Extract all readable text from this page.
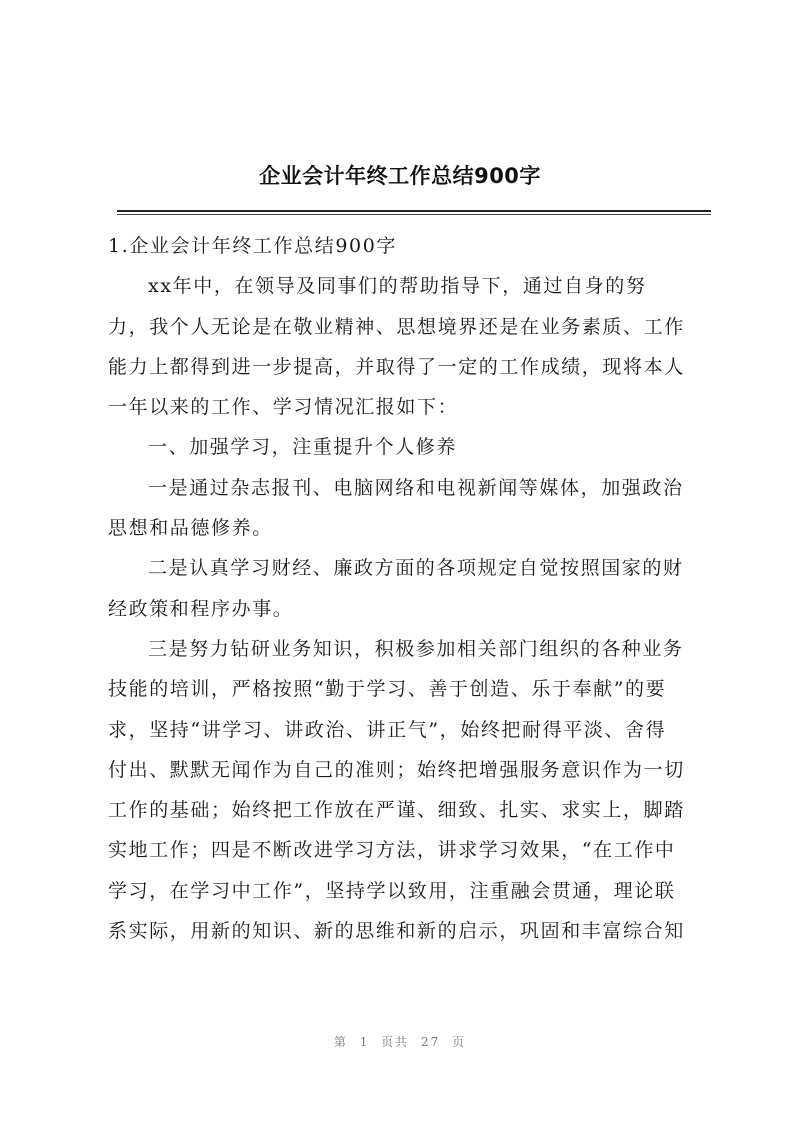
企业会计年终工作总结900字
1.企业会计年终工作总结900字
xx年中，在领导及同事们的帮助指导下，通过自身的努
力，我个人无论是在敬业精神、思想境界还是在业务素质、工作
能力上都得到进一步提高，并取得了一定的工作成绩，现将本人
一年以来的工作、学习情况汇报如下：
一、加强学习，注重提升个人修养
一是通过杂志报刊、电脑网络和电视新闻等媒体，加强政治
思想和品德修养。
二是认真学习财经、廉政方面的各项规定自觉按照国家的财
经政策和程序办事。
三是努力钻研业务知识，积极参加相关部门组织的各种业务
技能的培训，严格按照“勤于学习、善于创造、乐于奉献”的要
求，坚持“讲学习、讲政治、讲正气”，始终把耐得平淡、舍得
付出、默默无闻作为自己的准则；始终把增强服务意识作为一切
工作的基础；始终把工作放在严谨、细致、扎实、求实上，脚踏
实地工作；四是不断改进学习方法，讲求学习效果，“在工作中
学习，在学习中工作”，坚持学以致用，注重融会贯通，理论联
系实际，用新的知识、新的思维和新的启示，巩固和丰富综合知
第 1 页共 27 页
